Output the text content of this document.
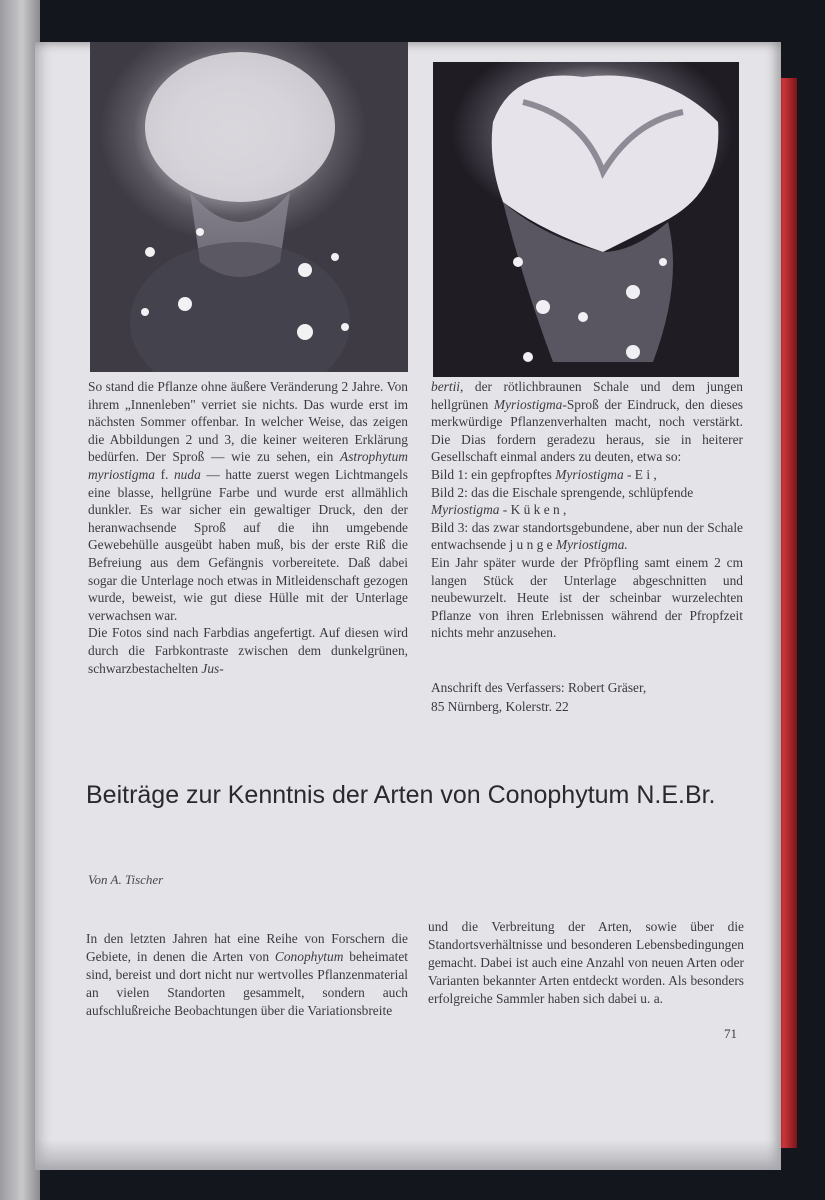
So stand die Pflanze ohne äußere Veränderung 2 Jahre. Von ihrem „Innenleben" verriet sie nichts. Das wurde erst im nächsten Sommer offenbar. In welcher Weise, das zeigen die Abbildungen 2 und 3, die keiner weiteren Erklärung bedürfen. Der Sproß — wie zu sehen, ein Astrophytum myriostigma f. nuda — hatte zuerst wegen Lichtmangels eine blasse, hellgrüne Farbe und wurde erst allmählich dunkler. Es war sicher ein gewaltiger Druck, den der heranwachsende Sproß auf die ihn umgebende Gewebehülle ausgeübt haben muß, bis der erste Riß die Befreiung aus dem Gefängnis vorbereitete. Daß dabei sogar die Unterlage noch etwas in Mitleidenschaft gezogen wurde, beweist, wie gut diese Hülle mit der Unterlage verwachsen war.

Die Fotos sind nach Farbdias angefertigt. Auf diesen wird durch die Farbkontraste zwischen dem dunkelgrünen, schwarzbestachelten Jus-

bertii, der rötlichbraunen Schale und dem jungen hellgrünen Myriostigma-Sproß der Eindruck, den dieses merkwürdige Pflanzenverhalten macht, noch verstärkt. Die Dias fordern geradezu heraus, sie in heiterer Gesellschaft einmal anders zu deuten, etwa so:

Bild 1: ein gepfropftes Myriostigma - E i ,

Bild 2: das die Eischale sprengende, schlüpfende
Myriostigma - K ü k e n ,

Bild 3: das zwar standortsgebundene, aber nun der Schale entwachsende j u n g e Myriostigma.

Ein Jahr später wurde der Pfröpfling samt einem 2 cm langen Stück der Unterlage abgeschnitten und neubewurzelt. Heute ist der scheinbar wurzelechten Pflanze von ihren Erlebnissen während der Pfropfzeit nichts mehr anzusehen.

Anschrift des Verfassers: Robert Gräser,
85 Nürnberg, Kolerstr. 22
Beiträge zur Kenntnis der Arten von Conophytum N.E.Br.
Von A. Tischer
In den letzten Jahren hat eine Reihe von Forschern die Gebiete, in denen die Arten von Conophytum beheimatet sind, bereist und dort nicht nur wertvolles Pflanzenmaterial an vielen Standorten gesammelt, sondern auch aufschlußreiche Beobachtungen über die Variationsbreite
und die Verbreitung der Arten, sowie über die Standortsverhältnisse und besonderen Lebensbedingungen gemacht. Dabei ist auch eine Anzahl von neuen Arten oder Varianten bekannter Arten entdeckt worden. Als besonders erfolgreiche Sammler haben sich dabei u. a.
71
